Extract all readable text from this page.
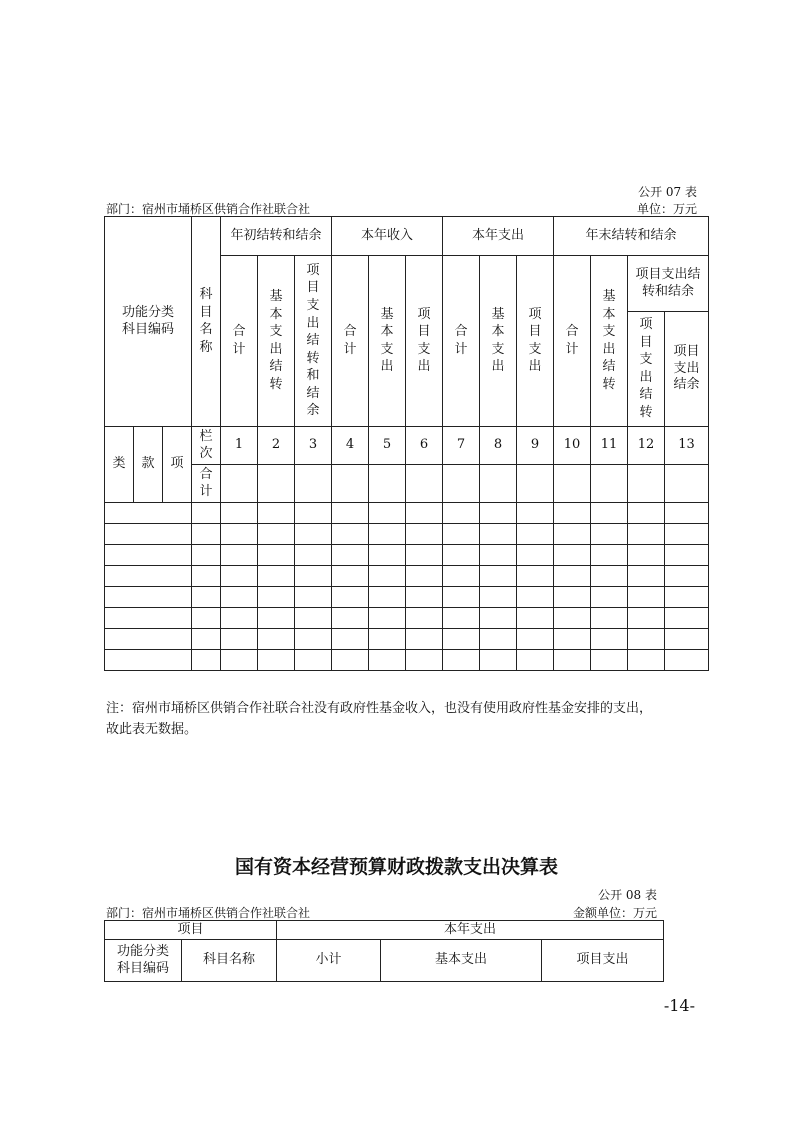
公开 07 表
部门：宿州市埇桥区供销合作社联合社	单位：万元
功能分类科目编码			科目名称	年初结转和结余			本年收入			本年支出			年末结转和结余			
				合计	基本支出结转	项目支出结转和结余	合计	基本支出	项目支出	合计	基本支出	项目支出	合计	基本支出结转	项目支出结转和结余	
															项目支出结转	项目支出结余
类	款	项	栏次	1	2	3	4	5	6	7	8	9	10	11	12	13
			合计													

注：宿州市埇桥区供销合作社联合社没有政府性基金收入，也没有使用政府性基金安排的支出，
故此表无数据。
国有资本经营预算财政拨款支出决算表
公开 08 表
部门：宿州市埇桥区供销合作社联合社	金额单位：万元
项目		本年支出		
功能分类科目编码	科目名称	小计	基本支出	项目支出
-14-
